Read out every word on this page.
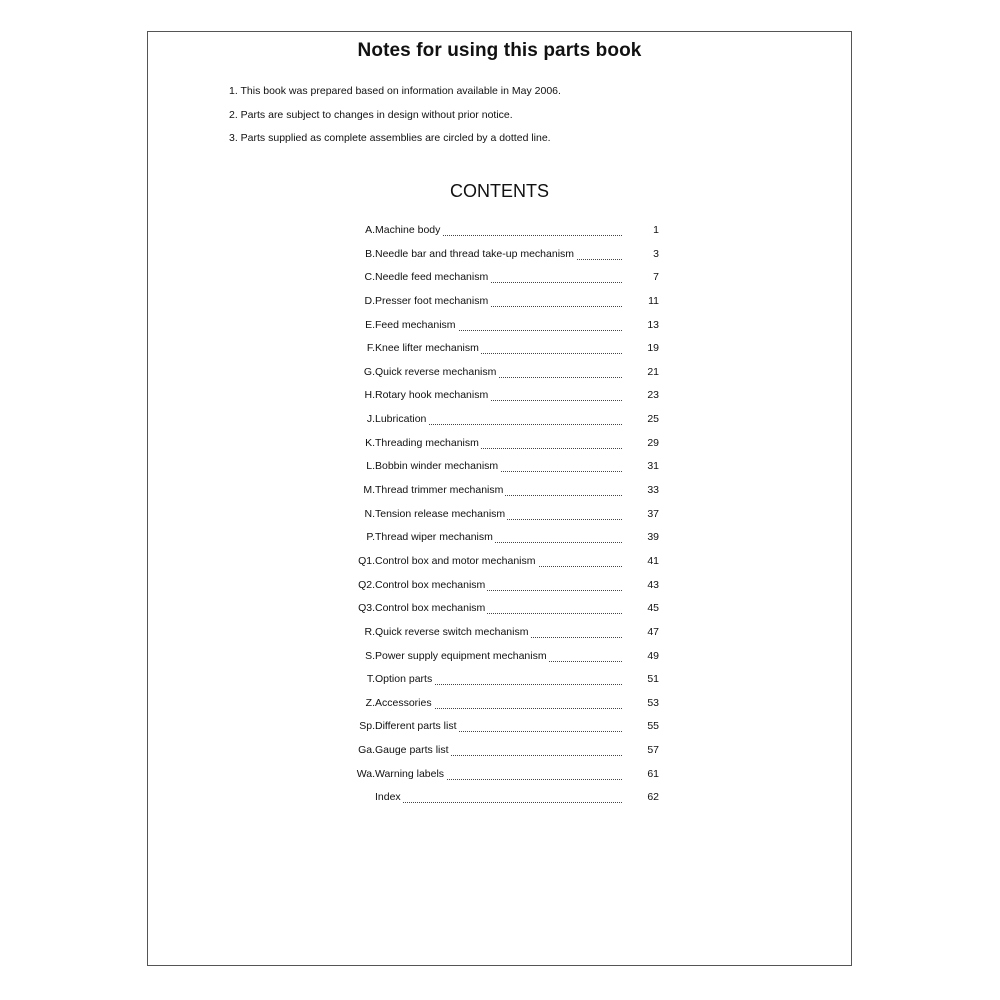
Notes for using this parts book
1. This book was prepared based on information available in May 2006.
2. Parts are subject to changes in design without prior notice.
3. Parts supplied as complete assemblies are circled by a dotted line.
CONTENTS
A. Machine body	1
B. Needle bar and thread take-up mechanism	3
C. Needle feed mechanism	7
D. Presser foot mechanism	11
E. Feed mechanism	13
F. Knee lifter mechanism	19
G. Quick reverse mechanism	21
H. Rotary hook mechanism	23
J. Lubrication	25
K. Threading mechanism	29
L. Bobbin winder mechanism	31
M. Thread trimmer mechanism	33
N. Tension release mechanism	37
P. Thread wiper mechanism	39
Q1. Control box and motor mechanism	41
Q2. Control box mechanism	43
Q3. Control box mechanism	45
R. Quick reverse switch mechanism	47
S. Power supply equipment mechanism	49
T. Option parts	51
Z. Accessories	53
Sp. Different parts list	55
Ga. Gauge parts list	57
Wa. Warning labels	61
Index	62
